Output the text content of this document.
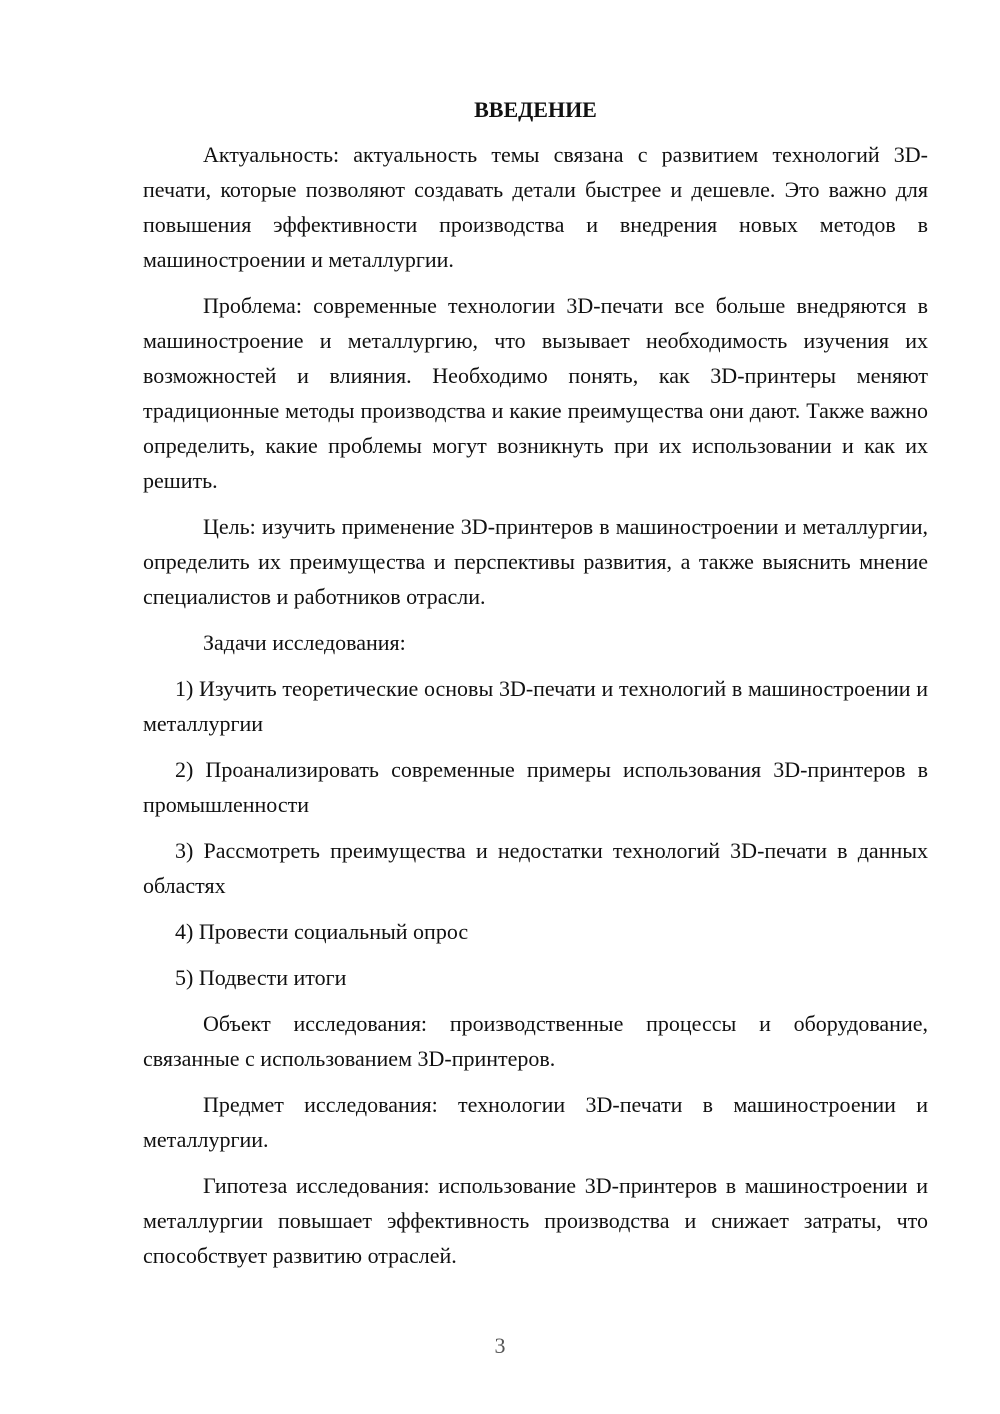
ВВЕДЕНИЕ

Актуальность: актуальность темы связана с развитием технологий 3D-печати, которые позволяют создавать детали быстрее и дешевле. Это важно для повышения эффективности производства и внедрения новых методов в машиностроении и металлургии.

Проблема: современные технологии 3D-печати все больше внедряются в машиностроение и металлургию, что вызывает необходимость изучения их возможностей и влияния. Необходимо понять, как 3D-принтеры меняют традиционные методы производства и какие преимущества они дают. Также важно определить, какие проблемы могут возникнуть при их использовании и как их решить.

Цель: изучить применение 3D-принтеров в машиностроении и металлургии, определить их преимущества и перспективы развития, а также выяснить мнение специалистов и работников отрасли.

Задачи исследования:

1) Изучить теоретические основы 3D-печати и технологий в машиностроении и металлургии

2) Проанализировать современные примеры использования 3D-принтеров в промышленности

3) Рассмотреть преимущества и недостатки технологий 3D-печати в данных областях

4) Провести социальный опрос

5) Подвести итоги

Объект исследования: производственные процессы и оборудование, связанные с использованием 3D-принтеров.

Предмет исследования: технологии 3D-печати в машиностроении и металлургии.

Гипотеза исследования: использование 3D-принтеров в машиностроении и металлургии повышает эффективность производства и снижает затраты, что способствует развитию отраслей.

3
